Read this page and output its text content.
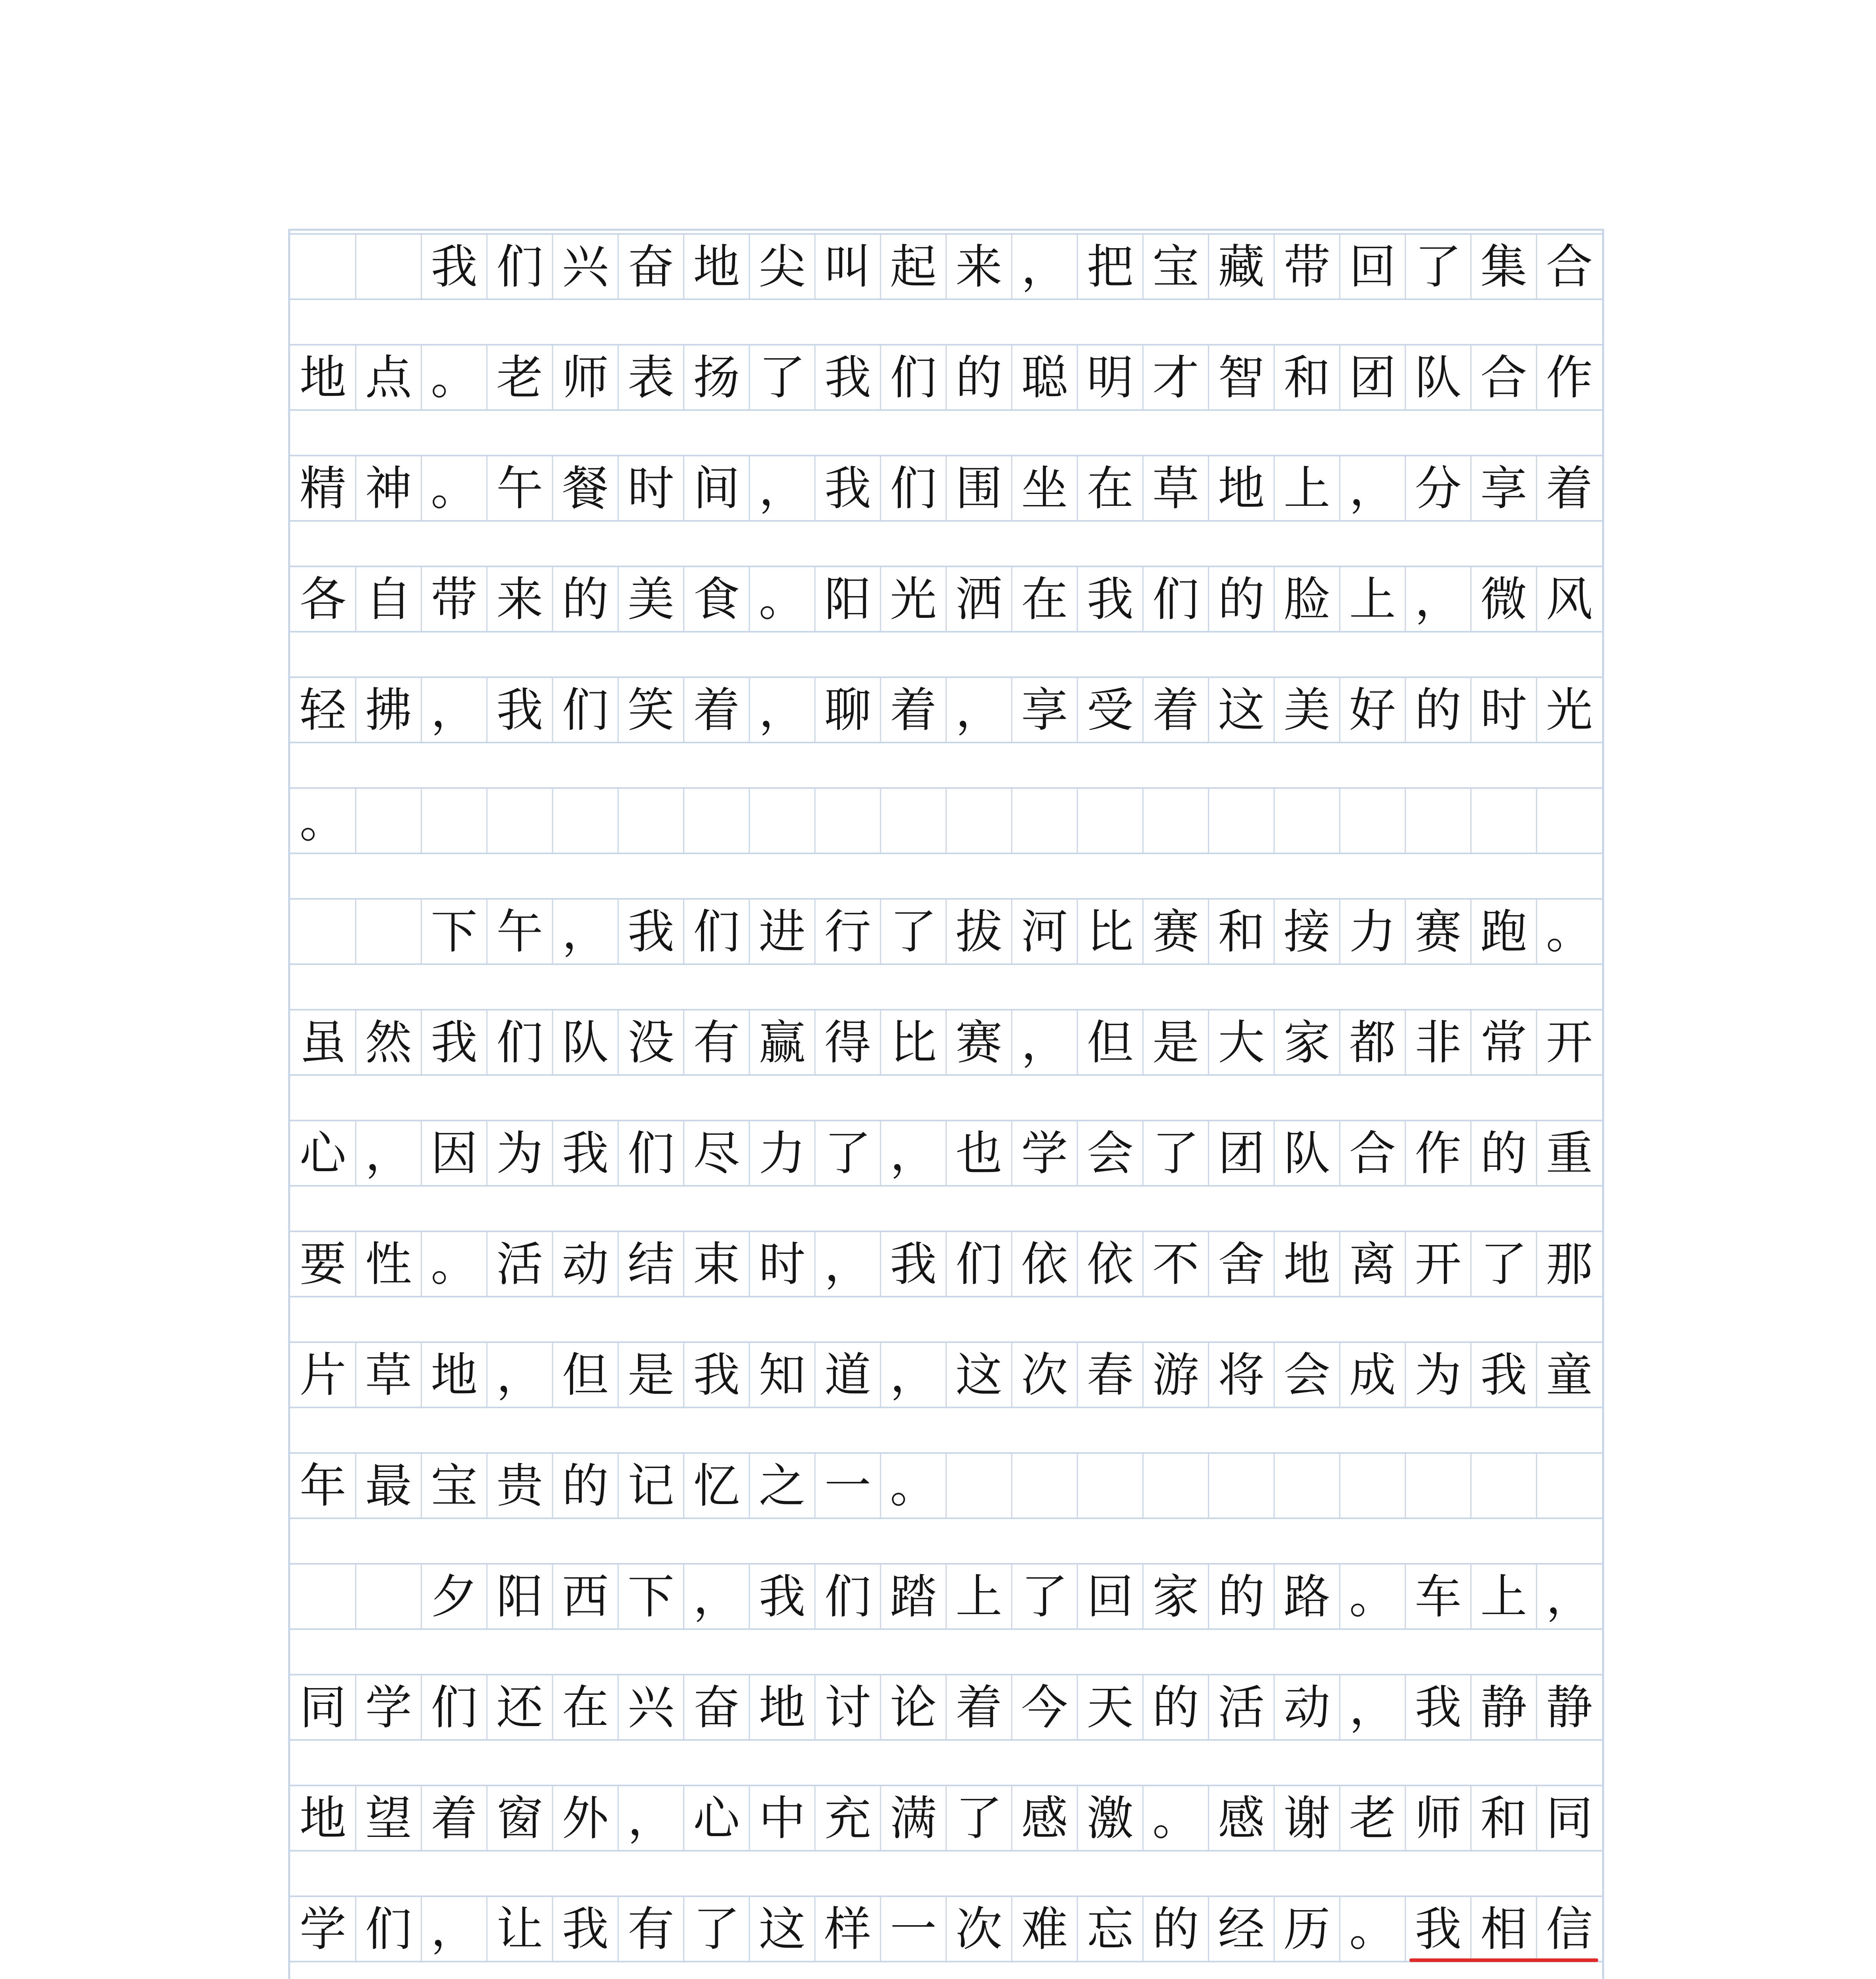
我 们 兴 奋 地 尖 叫 起 来 ， 把 宝 藏 带 回 了 集 合
地 点 。 老 师 表 扬 了 我 们 的 聪 明 才 智 和 团 队 合 作
精 神 。 午 餐 时 间 ， 我 们 围 坐 在 草 地 上 ， 分 享 着
各 自 带 来 的 美 食 。 阳 光 洒 在 我 们 的 脸 上 ， 微 风
轻 拂 ， 我 们 笑 着 ， 聊 着 ， 享 受 着 这 美 好 的 时 光
。
下 午 ， 我 们 进 行 了 拔 河 比 赛 和 接 力 赛 跑 。
虽 然 我 们 队 没 有 赢 得 比 赛 ， 但 是 大 家 都 非 常 开
心 ， 因 为 我 们 尽 力 了 ， 也 学 会 了 团 队 合 作 的 重
要 性 。 活 动 结 束 时 ， 我 们 依 依 不 舍 地 离 开 了 那
片 草 地 ， 但 是 我 知 道 ， 这 次 春 游 将 会 成 为 我 童
年 最 宝 贵 的 记 忆 之 一 。
夕 阳 西 下 ， 我 们 踏 上 了 回 家 的 路 。 车 上 ，
同 学 们 还 在 兴 奋 地 讨 论 着 今 天 的 活 动 ， 我 静 静
地 望 着 窗 外 ， 心 中 充 满 了 感 激 。 感 谢 老 师 和 同
学 们 ， 让 我 有 了 这 样 一 次 难 忘 的 经 历 。 我 相 信
